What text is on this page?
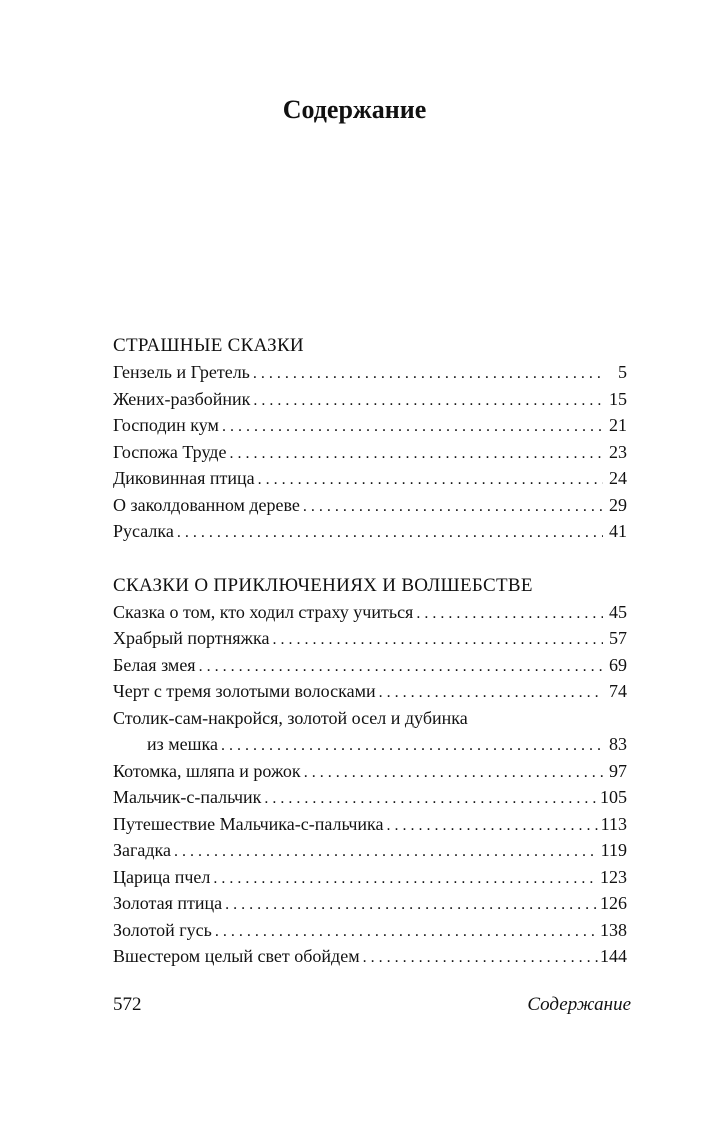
Содержание
СТРАШНЫЕ СКАЗКИ
Гензель и Гретель . . .	5
Жених-разбойник . . .	15
Господин кум . . .	21
Госпожа Труде . . .	23
Диковинная птица . . .	24
О заколдованном дереве . . .	29
Русалка . . .	41
СКАЗКИ О ПРИКЛЮЧЕНИЯХ И ВОЛШЕБСТВЕ
Сказка о том, кто ходил страху учиться . . .	45
Храбрый портняжка . . .	57
Белая змея . . .	69
Черт с тремя золотыми волосками . . .	74
Столик-сам-накройся, золотой осел и дубинка
из мешка . . .	83
Котомка, шляпа и рожок . . .	97
Мальчик-с-пальчик . . .	105
Путешествие Мальчика-с-пальчика . . .	113
Загадка . . .	119
Царица пчел . . .	123
Золотая птица . . .	126
Золотой гусь . . .	138
Вшестером целый свет обойдем . . .	144
572	Содержание
